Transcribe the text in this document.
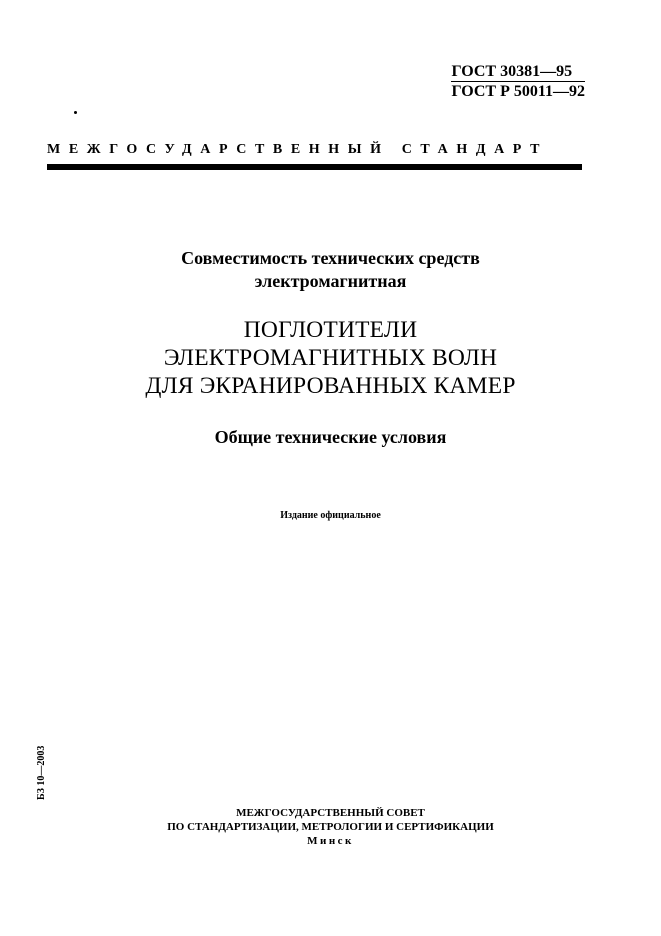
ГОСТ 30381—95
ГОСТ Р 50011—92
МЕЖГОСУДАРСТВЕННЫЙ СТАНДАРТ
Совместимость технических средств
электромагнитная
ПОГЛОТИТЕЛИ
ЭЛЕКТРОМАГНИТНЫХ ВОЛН
ДЛЯ ЭКРАНИРОВАННЫХ КАМЕР
Общие технические условия
Издание официальное
БЗ 10—2003
МЕЖГОСУДАРСТВЕННЫЙ СОВЕТ
ПО СТАНДАРТИЗАЦИИ, МЕТРОЛОГИИ И СЕРТИФИКАЦИИ
Минск
